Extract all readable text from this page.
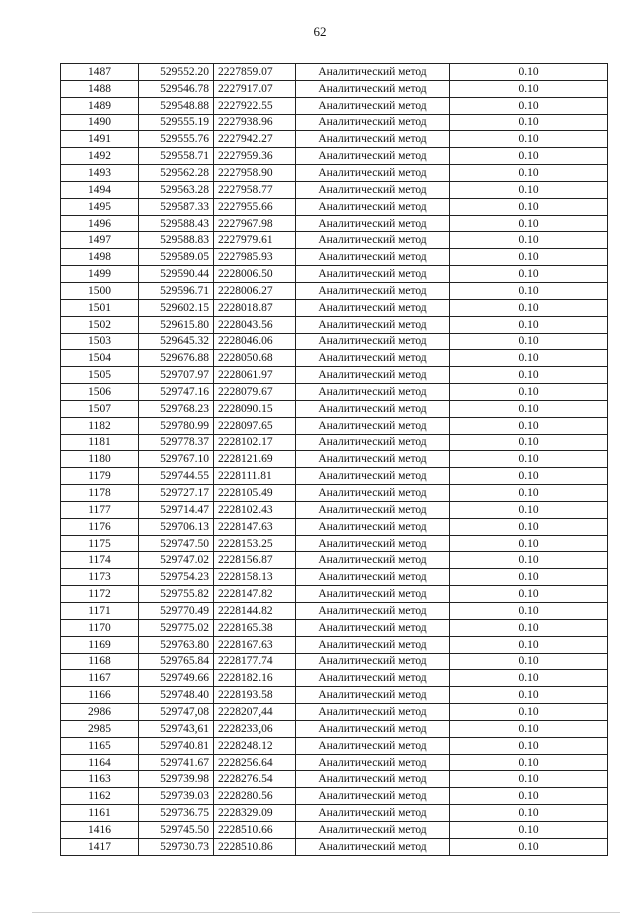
62
1487	529552.20	2227859.07	Аналитический метод	0.10
1488	529546.78	2227917.07	Аналитический метод	0.10
1489	529548.88	2227922.55	Аналитический метод	0.10
1490	529555.19	2227938.96	Аналитический метод	0.10
1491	529555.76	2227942.27	Аналитический метод	0.10
1492	529558.71	2227959.36	Аналитический метод	0.10
1493	529562.28	2227958.90	Аналитический метод	0.10
1494	529563.28	2227958.77	Аналитический метод	0.10
1495	529587.33	2227955.66	Аналитический метод	0.10
1496	529588.43	2227967.98	Аналитический метод	0.10
1497	529588.83	2227979.61	Аналитический метод	0.10
1498	529589.05	2227985.93	Аналитический метод	0.10
1499	529590.44	2228006.50	Аналитический метод	0.10
1500	529596.71	2228006.27	Аналитический метод	0.10
1501	529602.15	2228018.87	Аналитический метод	0.10
1502	529615.80	2228043.56	Аналитический метод	0.10
1503	529645.32	2228046.06	Аналитический метод	0.10
1504	529676.88	2228050.68	Аналитический метод	0.10
1505	529707.97	2228061.97	Аналитический метод	0.10
1506	529747.16	2228079.67	Аналитический метод	0.10
1507	529768.23	2228090.15	Аналитический метод	0.10
1182	529780.99	2228097.65	Аналитический метод	0.10
1181	529778.37	2228102.17	Аналитический метод	0.10
1180	529767.10	2228121.69	Аналитический метод	0.10
1179	529744.55	2228111.81	Аналитический метод	0.10
1178	529727.17	2228105.49	Аналитический метод	0.10
1177	529714.47	2228102.43	Аналитический метод	0.10
1176	529706.13	2228147.63	Аналитический метод	0.10
1175	529747.50	2228153.25	Аналитический метод	0.10
1174	529747.02	2228156.87	Аналитический метод	0.10
1173	529754.23	2228158.13	Аналитический метод	0.10
1172	529755.82	2228147.82	Аналитический метод	0.10
1171	529770.49	2228144.82	Аналитический метод	0.10
1170	529775.02	2228165.38	Аналитический метод	0.10
1169	529763.80	2228167.63	Аналитический метод	0.10
1168	529765.84	2228177.74	Аналитический метод	0.10
1167	529749.66	2228182.16	Аналитический метод	0.10
1166	529748.40	2228193.58	Аналитический метод	0.10
2986	529747,08	2228207,44	Аналитический метод	0.10
2985	529743,61	2228233,06	Аналитический метод	0.10
1165	529740.81	2228248.12	Аналитический метод	0.10
1164	529741.67	2228256.64	Аналитический метод	0.10
1163	529739.98	2228276.54	Аналитический метод	0.10
1162	529739.03	2228280.56	Аналитический метод	0.10
1161	529736.75	2228329.09	Аналитический метод	0.10
1416	529745.50	2228510.66	Аналитический метод	0.10
1417	529730.73	2228510.86	Аналитический метод	0.10
